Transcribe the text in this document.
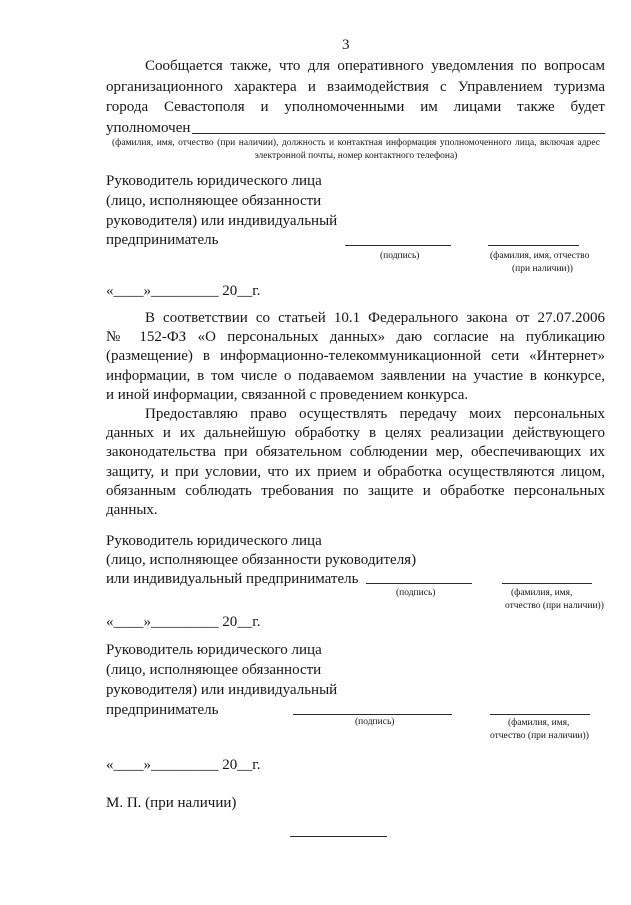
3
Сообщается также, что для оперативного уведомления по вопросам
организационного характера и взаимодействия с Управлением туризма
города Севастополя и уполномоченными им лицами также будет
уполномочен
(фамилия, имя, отчество (при наличии), должность и контактная информация уполномоченного лица, включая адрес
электронной почты, номер контактного телефона)
Руководитель юридического лица
(лицо, исполняющее обязанности
руководителя) или индивидуальный
предприниматель
(подпись)	(фамилия, имя, отчество
(при наличии))
«____»_________ 20__г.
В соответствии со статьей 10.1 Федерального закона от 27.07.2006
№ 152-ФЗ «О персональных данных» даю согласие на публикацию
(размещение) в информационно-телекоммуникационной сети «Интернет»
информации, в том числе о подаваемом заявлении на участие в конкурсе,
и иной информации, связанной с проведением конкурса.
Предоставляю право осуществлять передачу моих персональных
данных и их дальнейшую обработку в целях реализации действующего
законодательства при обязательном соблюдении мер, обеспечивающих их
защиту, и при условии, что их прием и обработка осуществляются лицом,
обязанным соблюдать требования по защите и обработке персональных
данных.
Руководитель юридического лица
(лицо, исполняющее обязанности руководителя)
или индивидуальный предприниматель
(подпись)	(фамилия, имя,
отчество (при наличии))
«____»_________ 20__г.
Руководитель юридического лица
(лицо, исполняющее обязанности
руководителя) или индивидуальный
предприниматель
(подпись)	(фамилия, имя,
отчество (при наличии))
«____»_________ 20__г.
М. П. (при наличии)
